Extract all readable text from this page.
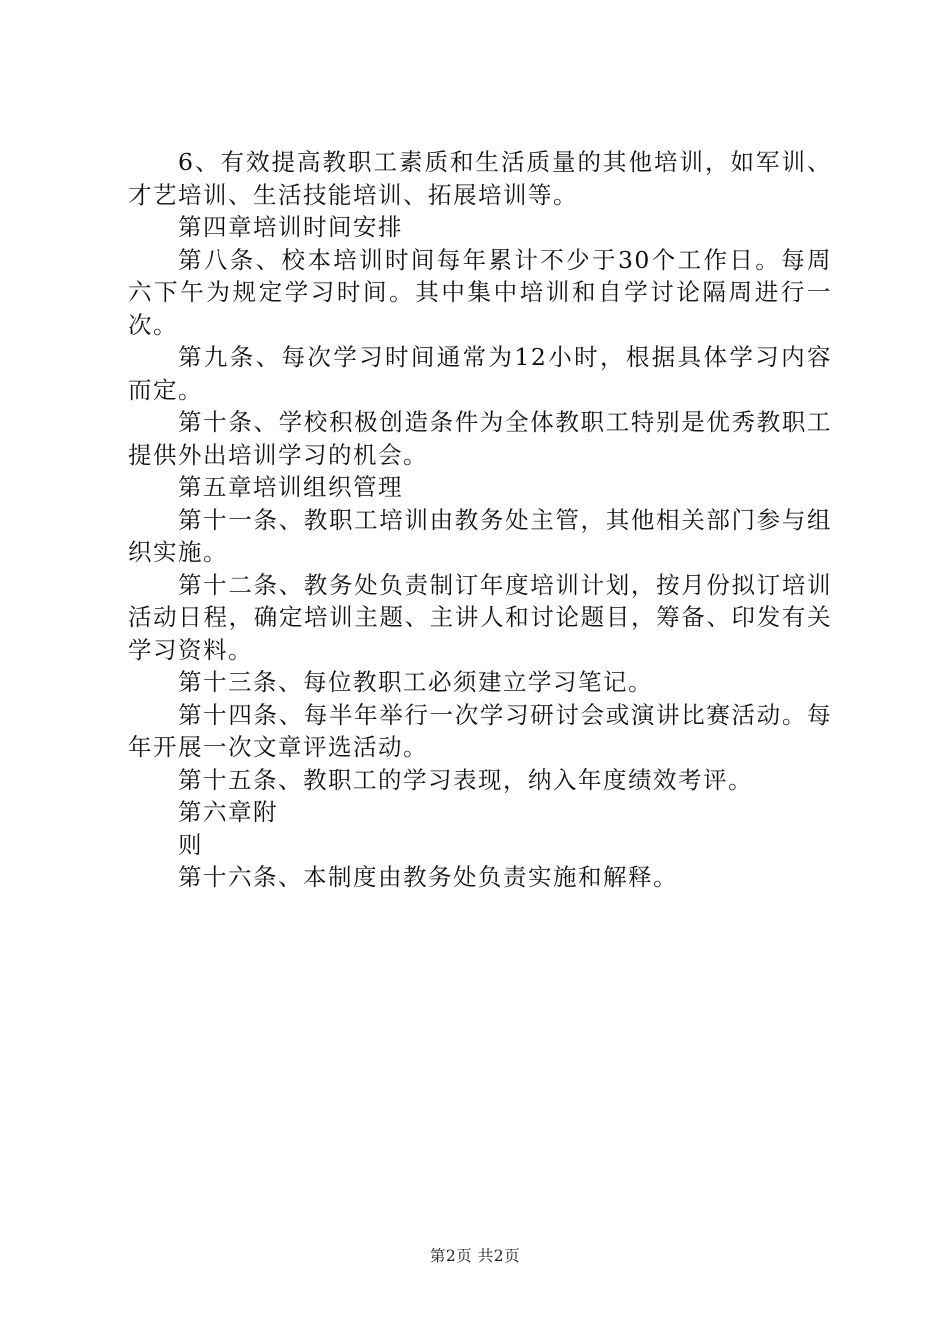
6、有效提高教职工素质和生活质量的其他培训，如军训、才艺培训、生活技能培训、拓展培训等。

第四章培训时间安排

第八条、校本培训时间每年累计不少于30个工作日。每周六下午为规定学习时间。其中集中培训和自学讨论隔周进行一次。

第九条、每次学习时间通常为12小时，根据具体学习内容而定。

第十条、学校积极创造条件为全体教职工特别是优秀教职工提供外出培训学习的机会。

第五章培训组织管理

第十一条、教职工培训由教务处主管，其他相关部门参与组织实施。

第十二条、教务处负责制订年度培训计划，按月份拟订培训活动日程，确定培训主题、主讲人和讨论题目，筹备、印发有关学习资料。

第十三条、每位教职工必须建立学习笔记。

第十四条、每半年举行一次学习研讨会或演讲比赛活动。每年开展一次文章评选活动。

第十五条、教职工的学习表现，纳入年度绩效考评。

第六章附

则

第十六条、本制度由教务处负责实施和解释。

第2页 共2页
